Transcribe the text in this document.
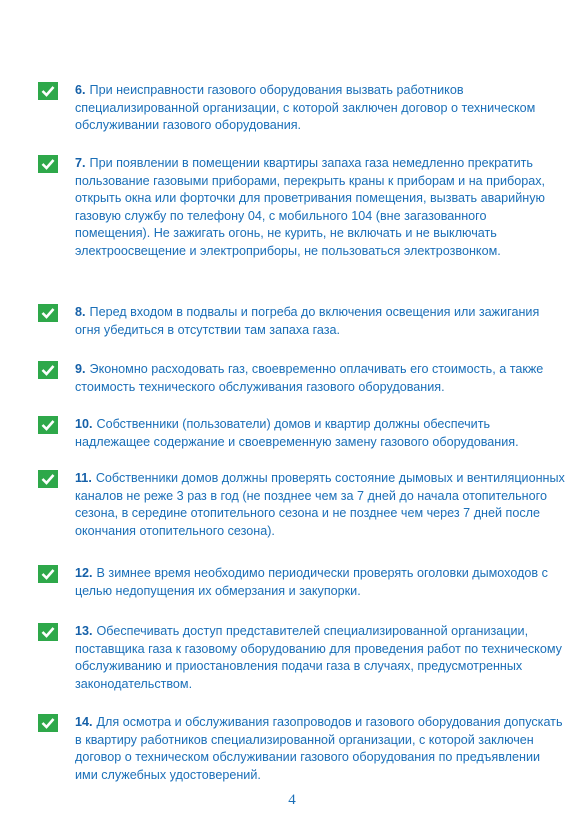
6. При неисправности газового оборудования вызвать работников специализированной организации, с которой заключен договор о техническом обслуживании газового оборудования.

7. При появлении в помещении квартиры запаха газа немедленно прекратить пользование газовыми приборами, перекрыть краны к приборам и на приборах, открыть окна или форточки для проветривания помещения, вызвать аварийную газовую службу по телефону 04, с мобильного 104 (вне загазованного помещения). Не зажигать огонь, не курить, не включать и не выключать электроосвещение и электроприборы, не пользоваться электрозвонком.

8. Перед входом в подвалы и погреба до включения освещения или зажигания огня убедиться в отсутствии там запаха газа.

9. Экономно расходовать газ, своевременно оплачивать его стоимость, а также стоимость технического обслуживания газового оборудования.

10. Собственники (пользователи) домов и квартир должны обеспечить надлежащее содержание и своевременную замену газового оборудования.

11. Собственники домов должны проверять состояние дымовых и вентиляционных каналов не реже 3 раз в год (не позднее чем за 7 дней до начала отопительного сезона, в середине отопительного сезона и не позднее чем через 7 дней после окончания отопительного сезона).

12. В зимнее время необходимо периодически проверять оголовки дымоходов с целью недопущения их обмерзания и закупорки.

13. Обеспечивать доступ представителей специализированной организации, поставщика газа к газовому оборудованию для проведения работ по техническому обслуживанию и приостановления подачи газа в случаях, предусмотренных законодательством.

14. Для осмотра и обслуживания газопроводов и газового оборудования допускать в квартиру работников специализированной организации, с которой заключен договор о техническом обслуживании газового оборудования по предъявлении ими служебных удостоверений.

4
